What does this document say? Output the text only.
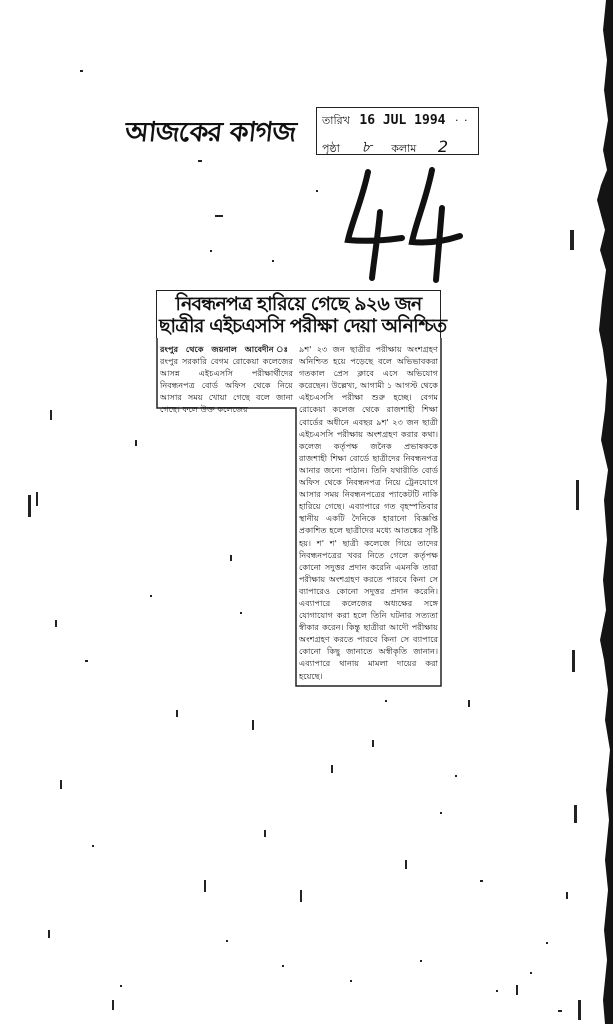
আজকের কাগজ তারিখ 16 JUL 1994 · ·
পৃষ্ঠা ৮ কলাম 2
নিবন্ধনপত্র হারিয়ে গেছে ৯২৬ জন
ছাত্রীর এইচএসসি পরীক্ষা দেয়া অনিশ্চিত
রংপুর থেকে জয়নাল আবেদীন ঃ রংপুর সরকারি বেগম রোকেয়া কলেজের আসন্ন এইচএসসি পরীক্ষার্থীদের নিবন্ধনপত্র বোর্ড অফিস থেকে নিয়ে আসার সময় খোয়া গেছে বলে জানা গেছে। ফলে উক্ত কলেজের
৯শ' ২৩ জন ছাত্রীর পরীক্ষায় অংশগ্রহণ অনিশ্চিত হয়ে পড়েছে বলে অভিভাবকরা গতকাল প্রেস ক্লাবে এসে অভিযোগ করেছেন। উল্লেখ্য, আগামী ১ আগস্ট থেকে এইচএসসি পরীক্ষা শুরু হচ্ছে। বেগম রোকেয়া কলেজ থেকে রাজশাহী শিক্ষা বোর্ডের অধীনে এবছর ৯শ' ২৩ জন ছাত্রী এইচএসসি পরীক্ষায় অংশগ্রহণ করার কথা। কলেজ কর্তৃপক্ষ জনৈক প্রভাষককে রাজশাহী শিক্ষা বোর্ডে ছাত্রীদের নিবন্ধনপত্র আনার জন্যে পাঠান। তিনি যথারীতি বোর্ড অফিস থেকে নিবন্ধনপত্র নিয়ে ট্রেনযোগে আসার সময় নিবন্ধনপত্রের প্যাকেটটি নাকি হারিয়ে গেছে। এব্যাপারে গত বৃহস্পতিবার স্থানীয় একটি দৈনিকে হারানো বিজ্ঞপ্তি প্রকাশিত হলে ছাত্রীদের মধ্যে আতঙ্কের সৃষ্টি হয়। শ' শ' ছাত্রী কলেজে গিয়ে তাদের নিবন্ধনপত্রের খবর নিতে গেলে কর্তৃপক্ষ কোনো সদুত্তর প্রদান করেনি এমনকি তারা পরীক্ষায় অংশগ্রহণ করতে পারবে কিনা সে ব্যাপারেও কোনো সদুত্তর প্রদান করেনি। এব্যাপারে কলেজের অধ্যক্ষের সঙ্গে যোগাযোগ করা হলে তিনি ঘটনার সত্যতা স্বীকার করেন। কিন্তু ছাত্রীরা আদৌ পরীক্ষায় অংশগ্রহণ করতে পারবে কিনা সে ব্যাপারে কোনো কিছু জানাতে অস্বীকৃতি জানান। এব্যাপারে থানায় মামলা দায়ের করা হয়েছে।
